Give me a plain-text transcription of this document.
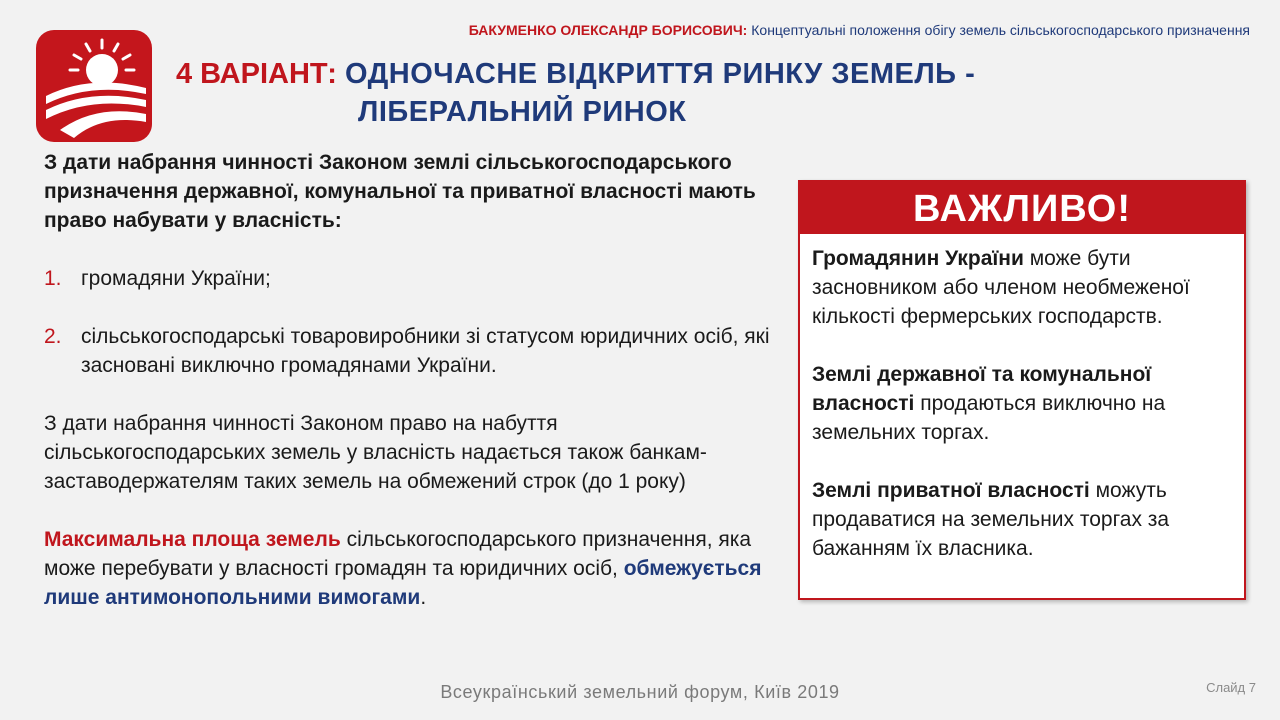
БАКУМЕНКО ОЛЕКСАНДР БОРИСОВИЧ: Концептуальні положення обігу земель сільськогосподарського призначення
4 ВАРІАНТ: ОДНОЧАСНЕ ВІДКРИТТЯ РИНКУ ЗЕМЕЛЬ -
ЛІБЕРАЛЬНИЙ РИНОК

З дати набрання чинності Законом землі сільськогосподарського призначення державної, комунальної та приватної власності мають право набувати у власність:

1. громадяни України;
2. сільськогосподарські товаровиробники зі статусом юридичних осіб, які засновані виключно громадянами України.

З дати набрання чинності Законом право на набуття сільськогосподарських земель у власність надається також банкам-заставодержателям таких земель на обмежений строк (до 1 року)

Максимальна площа земель сільськогосподарського призначення, яка може перебувати у власності громадян та юридичних осіб, обмежується лише антимонопольними вимогами.

ВАЖЛИВО!

Громадянин України може бути засновником або членом необмеженої кількості фермерських господарств.

Землі державної та комунальної власності продаються виключно на земельних торгах.

Землі приватної власності можуть продаватися на земельних торгах за бажанням їх власника.

Всеукраїнський земельний форум, Київ 2019	Слайд 7
